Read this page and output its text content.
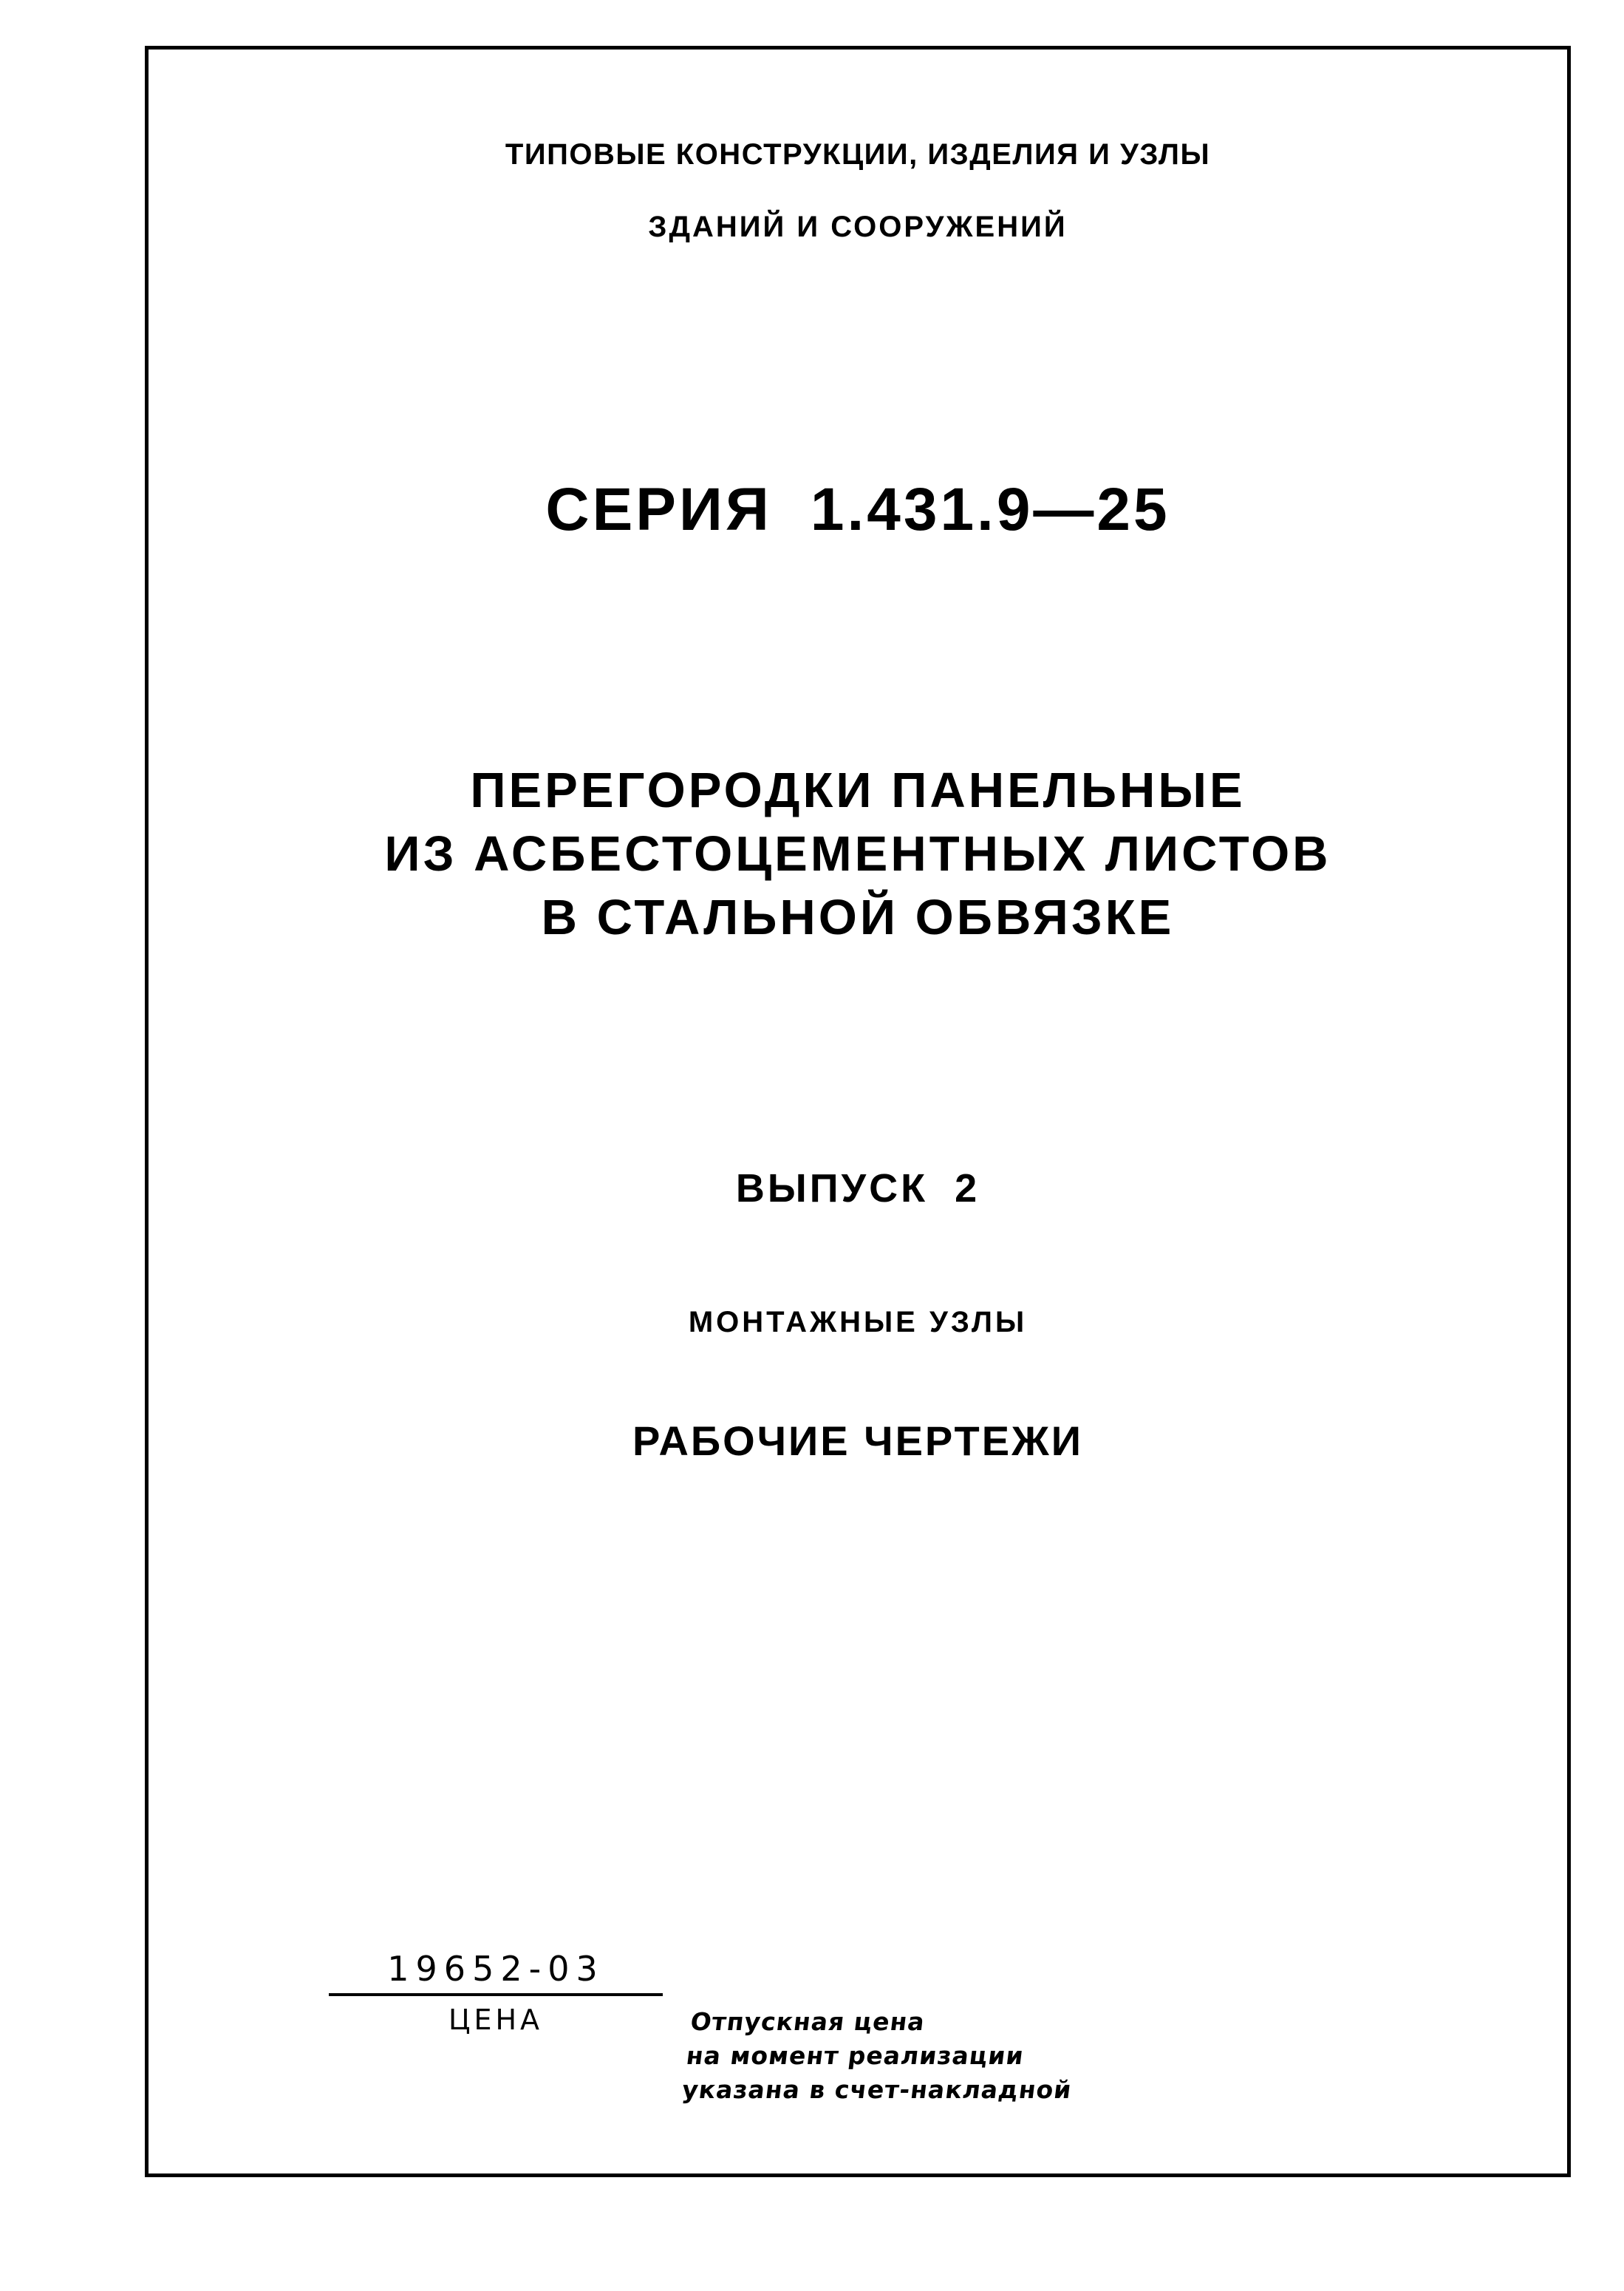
ТИПОВЫЕ КОНСТРУКЦИИ, ИЗДЕЛИЯ И УЗЛЫ
ЗДАНИЙ И СООРУЖЕНИЙ
СЕРИЯ 1.431.9—25
ПЕРЕГОРОДКИ ПАНЕЛЬНЫЕ
ИЗ АСБЕСТОЦЕМЕНТНЫХ ЛИСТОВ
В СТАЛЬНОЙ ОБВЯЗКЕ
ВЫПУСК 2
МОНТАЖНЫЕ УЗЛЫ
РАБОЧИЕ ЧЕРТЕЖИ
19652-03
ЦЕНА	Отпускная цена
на момент реализации
указана в счет-накладной
